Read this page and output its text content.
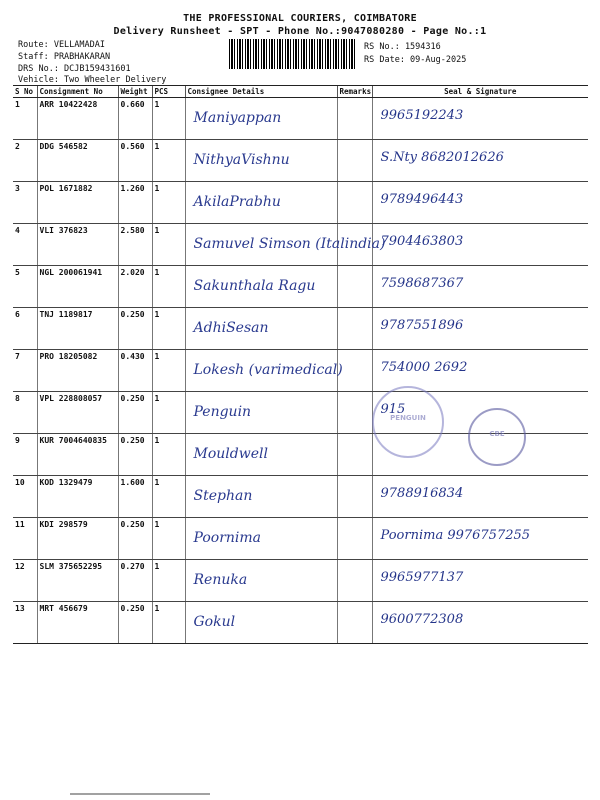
THE PROFESSIONAL COURIERS, COIMBATORE
Delivery Runsheet - SPT - Phone No.:9047080280 - Page No.:1
Route: VELLAMADAI
Staff: PRABHAKARAN
DRS No.: DCJB159431601
Vehicle: Two Wheeler Delivery
RS No.: 1594316
RS Date: 09-Aug-2025
S No	Consignment No	Weight	PCS	Consignee Details	Remarks	Seal & Signature
1	ARR 10422428	0.660	1	Maniyappan		9965192243

2	DDG 546582	0.560	1	NithyaVishnu		S.Nty 8682012626

3	POL 1671882	1.260	1	AkilaPrabhu		9789496443

4	VLI 376823	2.580	1	Samuvel Simson (Italindia)		7904463803

5	NGL 200061941	2.020	1	Sakunthala Ragu		7598687367

6	TNJ 1189817	0.250	1	AdhiSesan		9787551896

7	PRO 18205082	0.430	1	Lokesh (varimedical)		754000 2692

8	VPL 228808057	0.250	1	Penguin		915

9	KUR 7004640835	0.250	1	Mouldwell		

10	KOD 1329479	1.600	1	Stephan		9788916834

11	KDI 298579	0.250	1	Poornima		Poornima 9976757255

12	SLM 375652295	0.270	1	Renuka		9965977137

13	MRT 456679	0.250	1	Gokul		9600772308
PENGUIN
CBE
